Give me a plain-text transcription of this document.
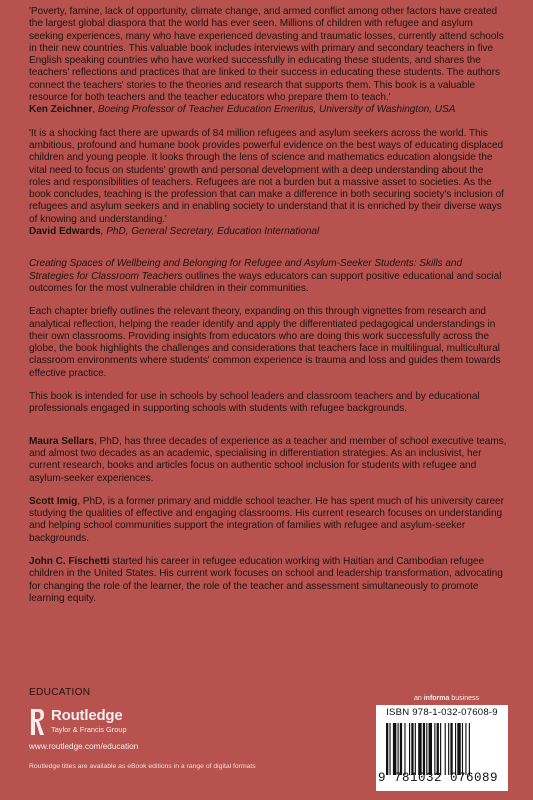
'Poverty, famine, lack of opportunity, climate change, and armed conflict among other factors have created the largest global diaspora that the world has ever seen. Millions of children with refugee and asylum seeking experiences, many who have experienced devasting and traumatic losses, currently attend schools in their new countries. This valuable book includes interviews with primary and secondary teachers in five English speaking countries who have worked successfully in educating these students, and shares the teachers' reflections and practices that are linked to their success in educating these students. The authors connect the teachers' stories to the theories and research that supports them. This book is a valuable resource for both teachers and the teacher educators who prepare them to teach.'

Ken Zeichner, Boeing Professor of Teacher Education Emeritus, University of Washington, USA

'It is a shocking fact there are upwards of 84 million refugees and asylum seekers across the world. This ambitious, profound and humane book provides powerful evidence on the best ways of educating displaced children and young people. It looks through the lens of science and mathematics education alongside the vital need to focus on students' growth and personal development with a deep understanding about the roles and responsibilities of teachers. Refugees are not a burden but a massive asset to societies. As the book concludes, teaching is the profession that can make a difference in both securing society's inclusion of refugees and asylum seekers and in enabling society to understand that it is enriched by their diverse ways of knowing and understanding.'

David Edwards, PhD, General Secretary, Education International

Creating Spaces of Wellbeing and Belonging for Refugee and Asylum-Seeker Students: Skills and Strategies for Classroom Teachers outlines the ways educators can support positive educational and social outcomes for the most vulnerable children in their communities.

Each chapter briefly outlines the relevant theory, expanding on this through vignettes from research and analytical reflection, helping the reader identify and apply the differentiated pedagogical understandings in their own classrooms. Providing insights from educators who are doing this work successfully across the globe, the book highlights the challenges and considerations that teachers face in multilingual, multicultural classroom environments where students' common experience is trauma and loss and guides them towards effective practice.

This book is intended for use in schools by school leaders and classroom teachers and by educational professionals engaged in supporting schools with students with refugee backgrounds.

Maura Sellars, PhD, has three decades of experience as a teacher and member of school executive teams, and almost two decades as an academic, specialising in differentiation strategies. As an inclusivist, her current research, books and articles focus on authentic school inclusion for students with refugee and asylum-seeker experiences.

Scott Imig, PhD, is a former primary and middle school teacher. He has spent much of his university career studying the qualities of effective and engaging classrooms. His current research focuses on understanding and helping school communities support the integration of families with refugee and asylum-seeker backgrounds.

John C. Fischetti started his career in refugee education working with Haitian and Cambodian refugee children in the United States. His current work focuses on school and leadership transformation, advocating for changing the role of the learner, the role of the teacher and assessment simultaneously to promote learning equity.

EDUCATION
Routledge
Taylor & Francis Group
www.routledge.com/education
Routledge titles are available as eBook editions in a range of digital formats
an informa business
ISBN 978-1-032-07608-9
9 781032 076089
